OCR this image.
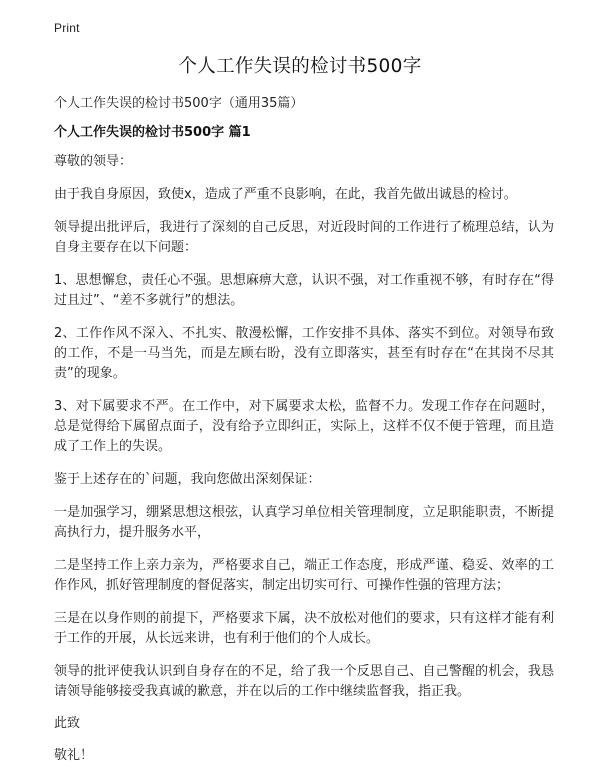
Print
个人工作失误的检讨书500字
个人工作失误的检讨书500字（通用35篇）
个人工作失误的检讨书500字 篇1
尊敬的领导：
由于我自身原因，致使x，造成了严重不良影响，在此，我首先做出诚恳的检讨。
领导提出批评后，我进行了深刻的自己反思，对近段时间的工作进行了梳理总结，认为自身主要存在以下问题：
1、思想懈怠，责任心不强。思想麻痹大意，认识不强，对工作重视不够，有时存在“得过且过”、“差不多就行”的想法。
2、工作作风不深入、不扎实、散漫松懈，工作安排不具体、落实不到位。对领导布致的工作，不是一马当先，而是左顾右盼，没有立即落实，甚至有时存在“在其岗不尽其责”的现象。
3、对下属要求不严。在工作中，对下属要求太松，监督不力。发现工作存在问题时，总是觉得给下属留点面子，没有给予立即纠正，实际上，这样不仅不便于管理，而且造成了工作上的失误。
鉴于上述存在的`问题，我向您做出深刻保证：
一是加强学习，绷紧思想这根弦，认真学习单位相关管理制度，立足职能职责，不断提高执行力，提升服务水平，
二是坚持工作上亲力亲为，严格要求自己，端正工作态度，形成严谨、稳妥、效率的工作作风，抓好管理制度的督促落实，制定出切实可行、可操作性强的管理方法；
三是在以身作则的前提下，严格要求下属，决不放松对他们的要求，只有这样才能有利于工作的开展，从长远来讲，也有利于他们的个人成长。
领导的批评使我认识到自身存在的不足，给了我一个反思自己、自己警醒的机会，我恳请领导能够接受我真诚的歉意，并在以后的工作中继续监督我，指正我。
此致
敬礼！
